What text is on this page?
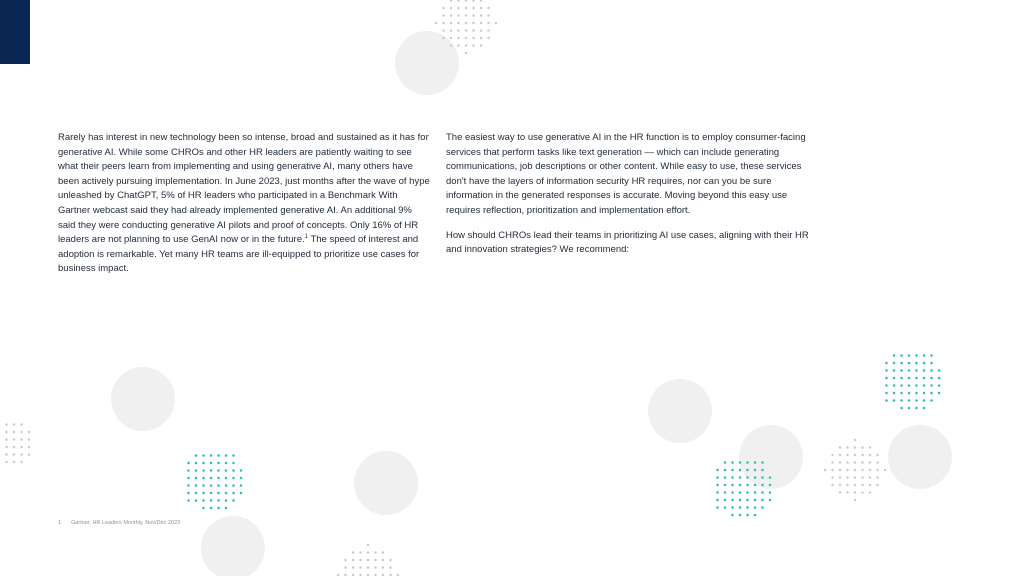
Rarely has interest in new technology been so intense, broad and sustained as it has for generative AI. While some CHROs and other HR leaders are patiently waiting to see what their peers learn from implementing and using generative AI, many others have been actively pursuing implementation. In June 2023, just months after the wave of hype unleashed by ChatGPT, 5% of HR leaders who participated in a Benchmark With Gartner webcast said they had already implemented generative AI. An additional 9% said they were conducting generative AI pilots and proof of concepts. Only 16% of HR leaders are not planning to use GenAI now or in the future.$^1$ The speed of interest and adoption is remarkable. Yet many HR teams are ill-equipped to prioritize use cases for business impact.

The easiest way to use generative AI in the HR function is to employ consumer-facing services that perform tasks like text generation — which can include generating communications, job descriptions or other content. While easy to use, these services don't have the layers of information security HR requires, nor can you be sure information in the generated responses is accurate. Moving beyond this easy use requires reflection, prioritization and implementation effort.

How should CHROs lead their teams in prioritizing AI use cases, aligning with their HR and innovation strategies? We recommend:

1 Gartner, HR Leaders Monthly, Nov/Dec 2023
